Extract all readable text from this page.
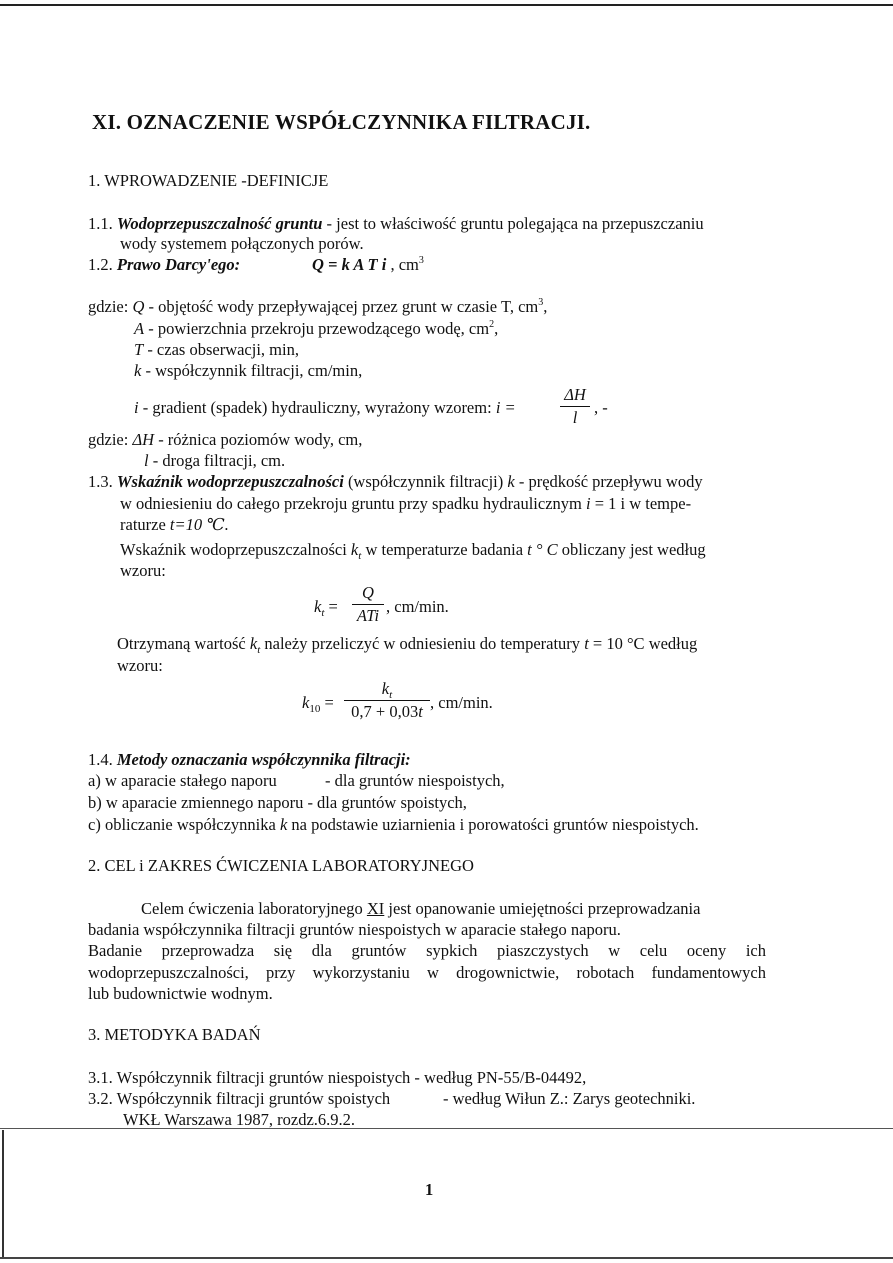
XI. OZNACZENIE WSPÓŁCZYNNIKA FILTRACJI.
1. WPROWADZENIE -DEFINICJE
1.1. Wodoprzepuszczalność gruntu - jest to właściwość gruntu polegająca na przepuszczaniu
wody systemem połączonych porów.
1.2. Prawo Darcy'ego:	Q = k A T i , $cm^3$
gdzie: Q - objętość wody przepływającej przez grunt w czasie T, $cm^3$,
A - powierzchnia przekroju przewodzącego wodę, $cm^2$,
T - czas obserwacji, min,
k - współczynnik filtracji, cm/min,
i - gradient (spadek) hydrauliczny, wyrażony wzorem: i =
ΔH
l
, -
gdzie: ΔH - różnica poziomów wody, cm,
l - droga filtracji, cm.
1.3. Wskaźnik wodoprzepuszczalności (współczynnik filtracji) k - prędkość przepływu wody
w odniesieniu do całego przekroju gruntu przy spadku hydraulicznym i = 1 i w tempe-
raturze t=10 ℃.
Wskaźnik wodoprzepuszczalności $k_t$ w temperaturze badania t ° C obliczany jest według
wzoru:
$k_t$ =
Q
ATi , cm/min.
Otrzymaną wartość $k_t$ należy przeliczyć w odniesieniu do temperatury t = 10 °C według
wzoru:
$k_{10}$ =
$k_t$
0,7 + 0,03t , cm/min.
1.4. Metody oznaczania współczynnika filtracji:
a) w aparacie stałego naporu	- dla gruntów niespoistych,
b) w aparacie zmiennego naporu - dla gruntów spoistych,
c) obliczanie współczynnika k na podstawie uziarnienia i porowatości gruntów niespoistych.
2. CEL i ZAKRES ĆWICZENIA LABORATORYJNEGO
Celem ćwiczenia laboratoryjnego XI jest opanowanie umiejętności przeprowadzania
badania współczynnika filtracji gruntów niespoistych w aparacie stałego naporu.
Badanie przeprowadza się dla gruntów sypkich piaszczystych w celu oceny ich
wodoprzepuszczalności, przy wykorzystaniu w drogownictwie, robotach fundamentowych
lub budownictwie wodnym.
3. METODYKA BADAŃ
3.1. Współczynnik filtracji gruntów niespoistych - według PN-55/B-04492,
3.2. Współczynnik filtracji gruntów spoistych	- według Wiłun Z.: Zarys geotechniki.
WKŁ Warszawa 1987, rozdz.6.9.2.
1
